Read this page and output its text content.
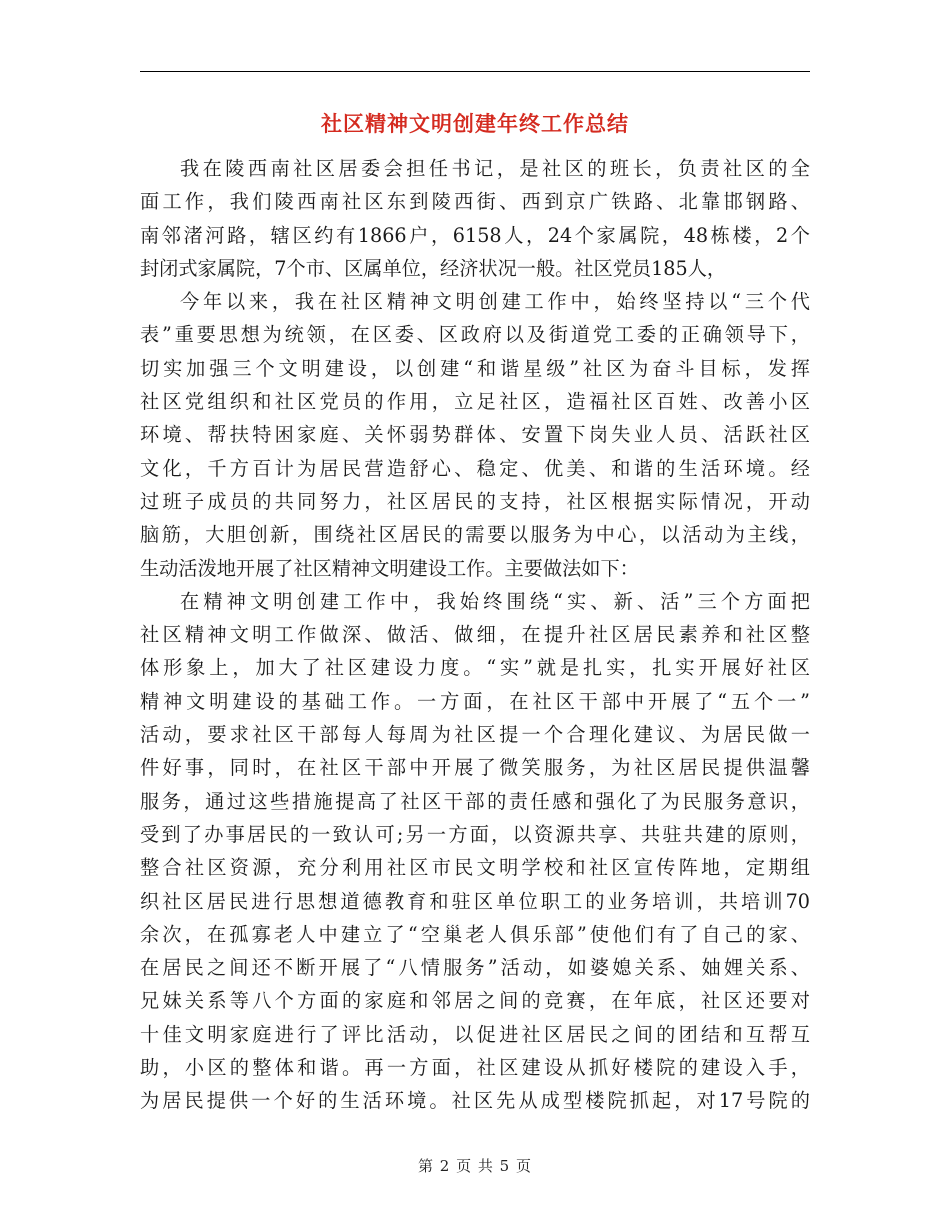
社区精神文明创建年终工作总结
我在陵西南社区居委会担任书记，是社区的班长，负责社区的全
面工作，我们陵西南社区东到陵西街、西到京广铁路、北靠邯钢路、
南邻渚河路，辖区约有1866户，6158人，24个家属院，48栋楼，2个
封闭式家属院，7个市、区属单位，经济状况一般。社区党员185人，
今年以来，我在社区精神文明创建工作中，始终坚持以“三个代
表”重要思想为统领，在区委、区政府以及街道党工委的正确领导下，
切实加强三个文明建设，以创建“和谐星级”社区为奋斗目标，发挥
社区党组织和社区党员的作用，立足社区，造福社区百姓、改善小区
环境、帮扶特困家庭、关怀弱势群体、安置下岗失业人员、活跃社区
文化，千方百计为居民营造舒心、稳定、优美、和谐的生活环境。经
过班子成员的共同努力，社区居民的支持，社区根据实际情况，开动
脑筋，大胆创新，围绕社区居民的需要以服务为中心，以活动为主线，
生动活泼地开展了社区精神文明建设工作。主要做法如下：
在精神文明创建工作中，我始终围绕“实、新、活”三个方面把
社区精神文明工作做深、做活、做细，在提升社区居民素养和社区整
体形象上，加大了社区建设力度。“实”就是扎实，扎实开展好社区
精神文明建设的基础工作。一方面，在社区干部中开展了“五个一”
活动，要求社区干部每人每周为社区提一个合理化建议、为居民做一
件好事，同时，在社区干部中开展了微笑服务，为社区居民提供温馨
服务，通过这些措施提高了社区干部的责任感和强化了为民服务意识，
受到了办事居民的一致认可;另一方面，以资源共享、共驻共建的原则，
整合社区资源，充分利用社区市民文明学校和社区宣传阵地，定期组
织社区居民进行思想道德教育和驻区单位职工的业务培训，共培训70
余次，在孤寡老人中建立了“空巢老人俱乐部”使他们有了自己的家、
在居民之间还不断开展了“八情服务”活动，如婆媳关系、妯娌关系、
兄妹关系等八个方面的家庭和邻居之间的竞赛，在年底，社区还要对
十佳文明家庭进行了评比活动，以促进社区居民之间的团结和互帮互
助，小区的整体和谐。再一方面，社区建设从抓好楼院的建设入手，
为居民提供一个好的生活环境。社区先从成型楼院抓起，对17号院的
第 2 页 共 5 页
